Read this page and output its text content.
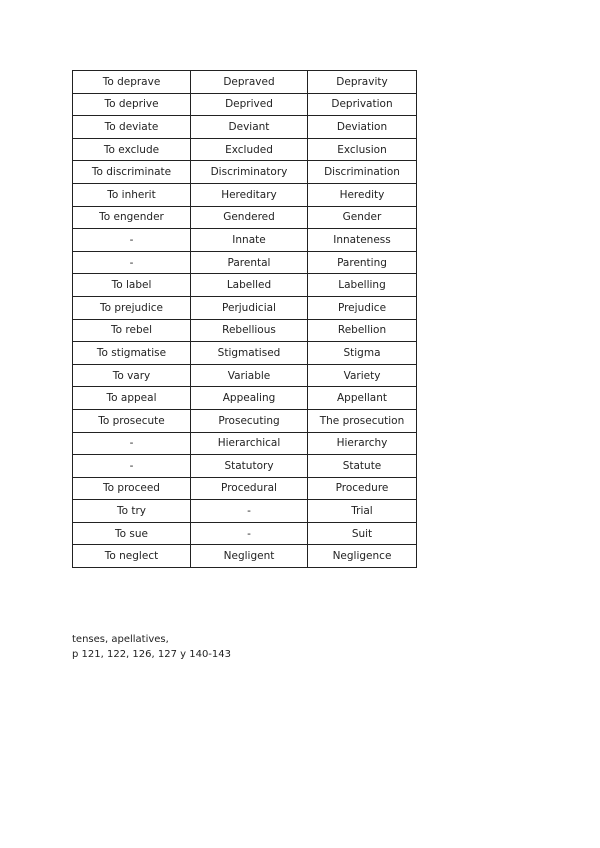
To deprave	Depraved	Depravity
To deprive	Deprived	Deprivation
To deviate	Deviant	Deviation
To exclude	Excluded	Exclusion
To discriminate	Discriminatory	Discrimination
To inherit	Hereditary	Heredity
To engender	Gendered	Gender
-	Innate	Innateness
-	Parental	Parenting
To label	Labelled	Labelling
To prejudice	Perjudicial	Prejudice
To rebel	Rebellious	Rebellion
To stigmatise	Stigmatised	Stigma
To vary	Variable	Variety
To appeal	Appealing	Appellant
To prosecute	Prosecuting	The prosecution
-	Hierarchical	Hierarchy
-	Statutory	Statute
To proceed	Procedural	Procedure
To try	-	Trial
To sue	-	Suit
To neglect	Negligent	Negligence
tenses, apellatives,
p 121, 122, 126, 127 y 140-143
